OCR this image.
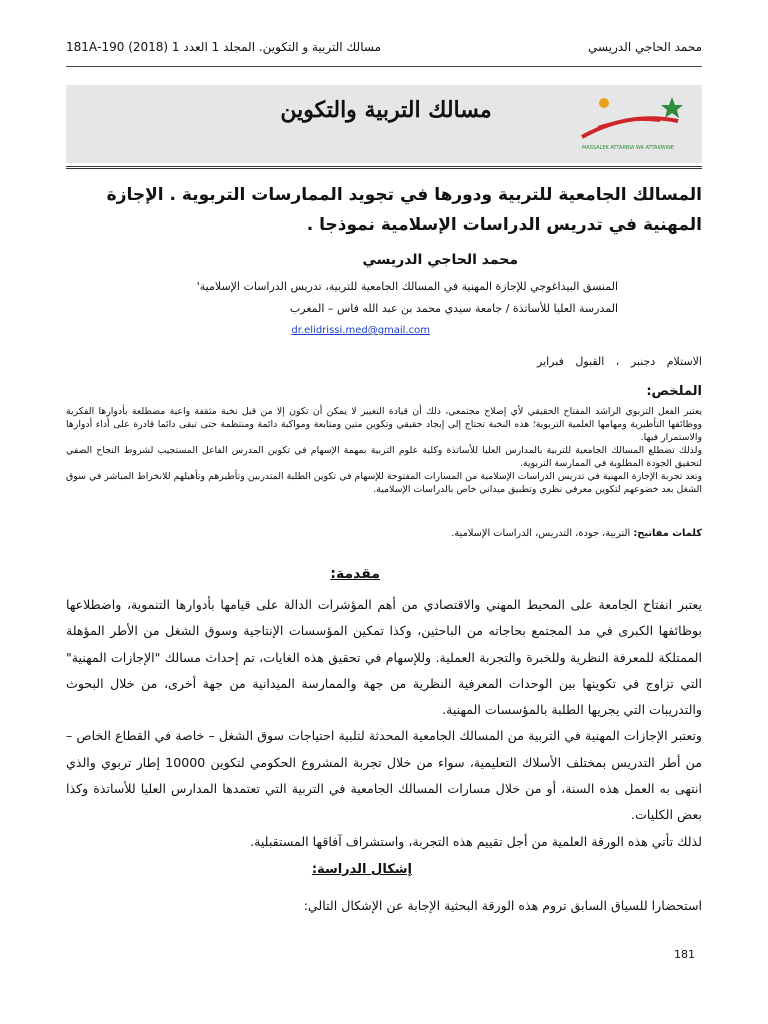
محمد الحاجي الدريسي
مسالك التربية و التكوين. المجلد 1 العدد 1 (2018) 190-181A
مسالك التربية والتكوين
MASSALEK ATTARBIA WA ATTAKWINE
المسالك الجامعية للتربية ودورها في تجويد الممارسات التربوية . الإجازة المهنية في تدريس الدراسات الإسلامية نموذجا .
محمد الحاجي الدريسي
المنسق البيداغوجي للإجازة المهنية في المسالك الجامعية للتربية، تدريس الدراسات الإسلامية'
المدرسة العليا للأساتذة / جامعة سيدي محمد بن عبد الله فاس – المغرب
dr.elidrissi.med@gmail.com
الاستلام دجنبر ، القبول فبراير
الملخص:

يعتبر الفعل التربوي الراشد المفتاح الحقيقي لأي إصلاح مجتمعي، ذلك أن قيادة التغيير لا يمكن أن تكون إلا من قبل نخبة مثقفة واعية مضطلعة بأدوارها الفكرية ووظائفها التأطيرية ومهامها العلمية التربوية؛ هذه النخبة تحتاج إلى إيجاد حقيقي وتكوين متين ومتابعة ومواكبة دائمة ومنتظمة حتى تبقى دائما قادرة على أداء أدوارها والاستمرار فيها.

ولذلك تضطلع المسالك الجامعية للتربية بالمدارس العليا للأساتذة وكلية علوم التربية بمهمة الإسهام في تكوين المدرس الفاعل المستجيب لشروط النجاح الصفي لتحقيق الجودة المطلوبة في الممارسة التربوية.

وتعد تجربة الإجازة المهنية في تدريس الدراسات الإسلامية من المسارات المفتوحة للإسهام في تكوين الطلبة المتدربين وتأطيرهم وتأهيلهم للانخراط المباشر في سوق الشغل بعد خضوعهم لتكوين معرفي نظري وتطبيق ميداني خاص بالدراسات الإسلامية.

كلمات مفاتيح: التربية، جودة، التدريس، الدراسات الإسلامية.
مقدمة:

يعتبر انفتاح الجامعة على المحيط المهني والاقتصادي من أهم المؤشرات الدالة على قيامها بأدوارها التنموية، واضطلاعها بوظائفها الكبرى في مد المجتمع بحاجاته من الباحثين، وكذا تمكين المؤسسات الإنتاجية وسوق الشغل من الأطر المؤهلة الممتلكة للمعرفة النظرية وللخبرة والتجربة العملية. وللإسهام في تحقيق هذه الغايات، تم إحداث مسالك "الإجازات المهنية" التي تزاوج في تكوينها بين الوحدات المعرفية النظرية من جهة والممارسة الميدانية من جهة أخرى، من خلال البحوث والتدريبات التي يجريها الطلبة بالمؤسسات المهنية.

وتعتبر الإجازات المهنية في التربية من المسالك الجامعية المحدثة لتلبية احتياجات سوق الشغل – خاصة في القطاع الخاص – من أطر التدريس بمختلف الأسلاك التعليمية، سواء من خلال تجربة المشروع الحكومي لتكوين 10000 إطار تربوي والذي انتهى به العمل هذه السنة، أو من خلال مسارات المسالك الجامعية في التربية التي تعتمدها المدارس العليا للأساتذة وكذا بعض الكليات.

لذلك تأتي هذه الورقة العلمية من أجل تقييم هذه التجربة، واستشراف آفاقها المستقبلية.

إشكال الدراسة:
استحضارا للسياق السابق تروم هذه الورقة البحثية الإجابة عن الإشكال التالي:
181
